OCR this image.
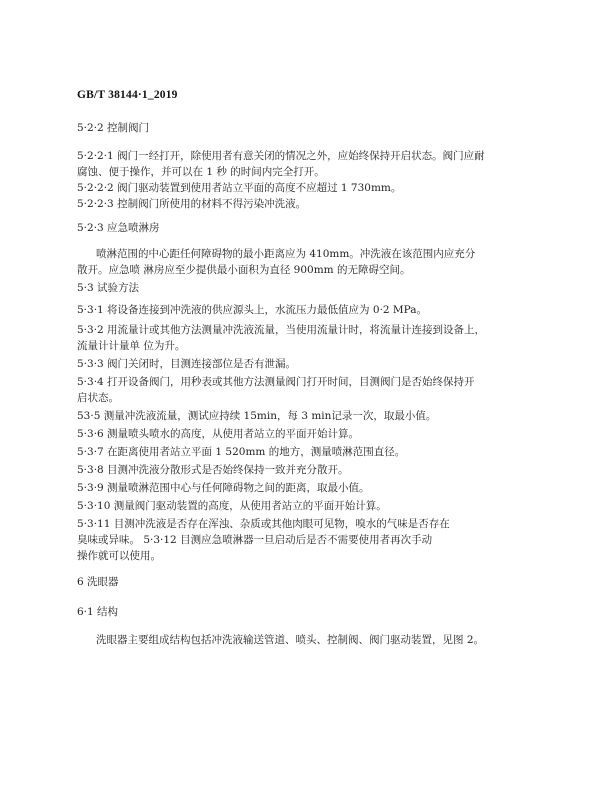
GB/T 38144·1_2019
5·2·2 控制阀门
5·2·2·1 阀门一经打开，除使用者有意关闭的情况之外，应始终保持开启状态。阀门应耐
腐蚀、便于操作，并可以在 1 秒 的时间内完全打开。
5·2·2·2 阀门驱动装置到使用者站立平面的高度不应超过 1 730mm。
5·2·2·3 控制阀门所使用的材料不得污染冲洗液。
5·2·3 应急喷淋房
喷淋范围的中心距任何障碍物的最小距离应为 410mm。冲洗液在该范围内应充分
散开。应急喷 淋房应至少提供最小面积为直径 900mm 的无障碍空间。
5·3 试验方法
5·3·1 将设备连接到冲洗液的供应源头上，水流压力最低值应为 0·2 MPa。
5·3·2 用流量计或其他方法测量冲洗液流量，当使用流量计时，将流量计连接到设备上，
流量计计量单 位为升。
5·3·3 阀门关闭时，目测连接部位是否有泄漏。
5·3·4 打开设备阀门，用秒表或其他方法测量阀门打开时间，目测阀门是否始终保持开
启状态。
53·5 测量冲洗液流量，测试应持续 15min，每 3 min记录一次，取最小值。
5·3·6 测量喷头喷水的高度，从使用者站立的平面开始计算。
5·3·7 在距离使用者站立平面 1 520mm 的地方，测量喷淋范围直径。
5·3·8 目测冲洗液分散形式是否始终保持一致并充分散开。
5·3·9 测量喷淋范围中心与任何障碍物之间的距离，取最小值。
5·3·10 测量阀门驱动装置的高度，从使用者站立的平面开始计算。
5·3·11 目测冲洗液是否存在浑浊、杂质或其他肉眼可见物，嗅水的气味是否存在
臭味或异味。 5·3·12 目测应急喷淋器一旦启动后是否不需要使用者再次手动
操作就可以使用。
6 洗眼器
6·1 结构
洗眼器主要组成结构包括冲洗液输送管道、喷头、控制阀、阀门驱动装置，见图 2。
